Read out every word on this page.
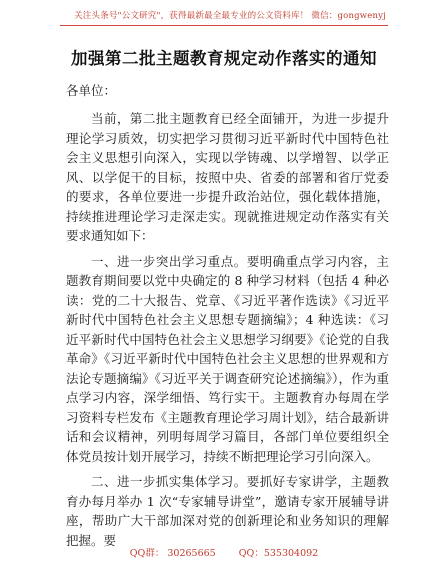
关注头条号"公文研究"，获得最新最全最专业的公文资料库！ 微信：gongwenyj
加强第二批主题教育规定动作落实的通知
各单位：

当前，第二批主题教育已经全面铺开，为进一步提升理论学习质效，切实把学习贯彻习近平新时代中国特色社会主义思想引向深入，实现以学铸魂、以学增智、以学正风、以学促干的目标，按照中央、省委的部署和省厅党委的要求，各单位要进一步提升政治站位，强化载体措施，持续推进理论学习走深走实。现就推进规定动作落实有关要求通知如下：

一、进一步突出学习重点。要明确重点学习内容，主题教育期间要以党中央确定的 8 种学习材料（包括 4 种必读：党的二十大报告、党章、《习近平著作选读》《习近平新时代中国特色社会主义思想专题摘编》；4 种选读：《习近平新时代中国特色社会主义思想学习纲要》《论党的自我革命》《习近平新时代中国特色社会主义思想的世界观和方法论专题摘编》《习近平关于调查研究论述摘编》），作为重点学习内容，深学细悟、笃行实干。主题教育办每周在学习资料专栏发布《主题教育理论学习周计划》，结合最新讲话和会议精神，列明每周学习篇目，各部门单位要组织全体党员按计划开展学习，持续不断把理论学习引向深入。

二、进一步抓实集体学习。要抓好专家讲学，主题教育办每月举办 1 次“专家辅导讲堂”，邀请专家开展辅导讲座，帮助广大干部加深对党的创新理论和业务知识的理解把握。要

QQ群： 30265665 QQ：535304092
